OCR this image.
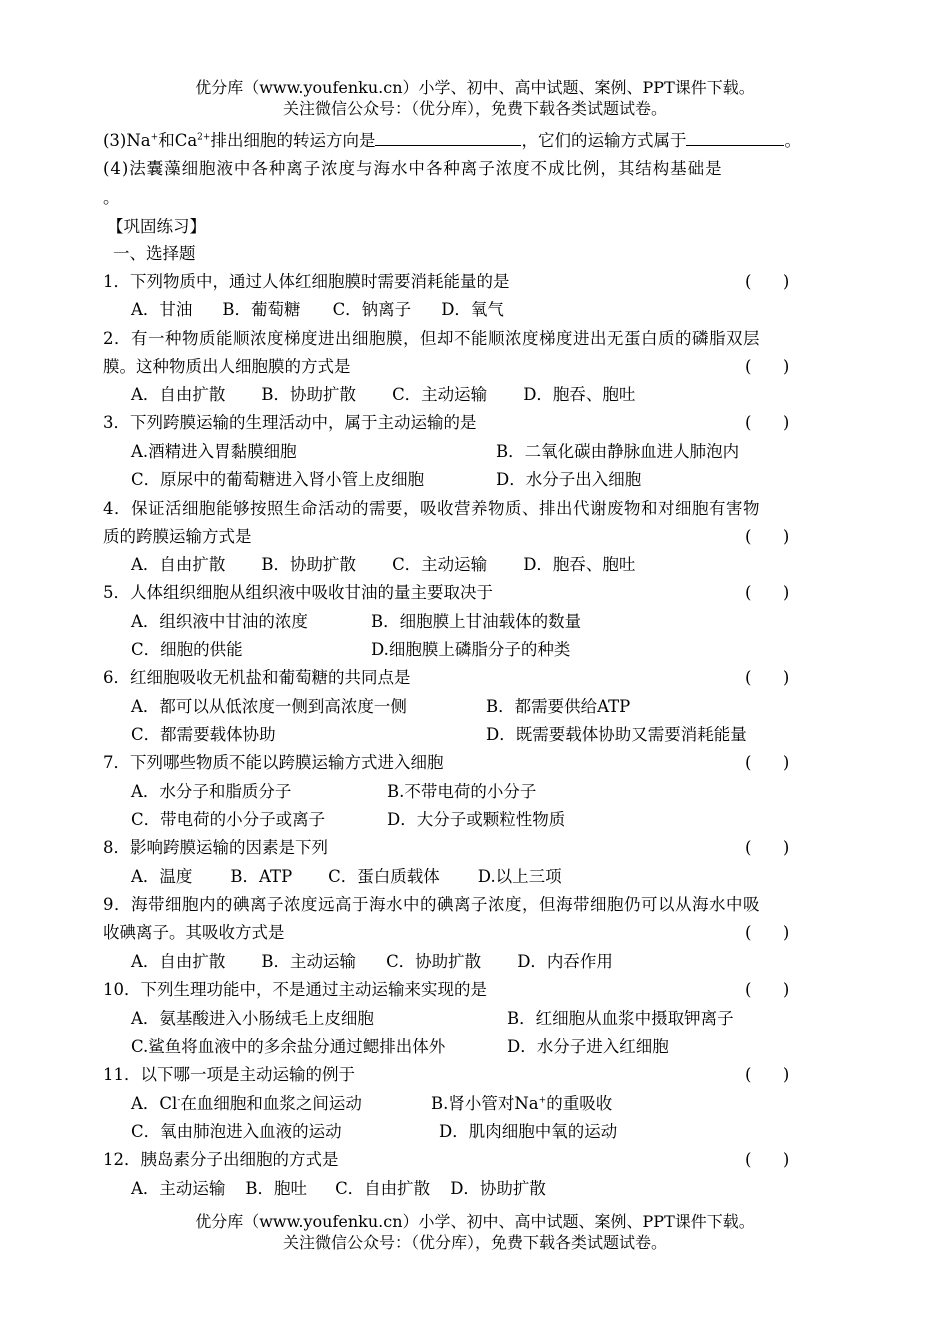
优分库（www.youfenku.cn）小学、初中、高中试题、案例、PPT课件下载。
关注微信公众号：（优分库），免费下载各类试题试卷。
(3)Na+和$Ca^{2+}$排出细胞的转运方向是	，它们的运输方式属于	。
(4)法囊藻细胞液中各种离子浓度与海水中各种离子浓度不成比例，其结构基础是
。
【巩固练习】
一、选择题
1．下列物质中，通过人体红细胞膜时需要消耗能量的是	(      )
A．甘油 B．葡萄糖 C．钠离子 D．氧气
2．有一种物质能顺浓度梯度进出细胞膜，但却不能顺浓度梯度进出无蛋白质的磷脂双层
膜。这种物质出人细胞膜的方式是	(      )
A．自由扩散 B．协助扩散 C．主动运输 D．胞吞、胞吐
3．下列跨膜运输的生理活动中，属于主动运输的是	(      )
A.酒精进入胃黏膜细胞	B．二氧化碳由静脉血进人肺泡内
C．原尿中的葡萄糖进入肾小管上皮细胞	D．水分子出入细胞
4．保证活细胞能够按照生命活动的需要，吸收营养物质、排出代谢废物和对细胞有害物
质的跨膜运输方式是	(      )
A．自由扩散 B．协助扩散 C．主动运输 D．胞吞、胞吐
5．人体组织细胞从组织液中吸收甘油的量主要取决于	(      )
A．组织液中甘油的浓度	B．细胞膜上甘油载体的数量
C．细胞的供能	D.细胞膜上磷脂分子的种类
6．红细胞吸收无机盐和葡萄糖的共同点是	(      )
A．都可以从低浓度一侧到高浓度一侧	B．都需要供给ATP
C．都需要载体协助	D．既需要载体协助又需要消耗能量
7．下列哪些物质不能以跨膜运输方式进入细胞	(      )
A．水分子和脂质分子	B.不带电荷的小分子
C．带电荷的小分子或离子	D．大分子或颗粒性物质
8．影响跨膜运输的因素是下列	(      )
A．温度 B．ATP C．蛋白质载体 D.以上三项
9．海带细胞内的碘离子浓度远高于海水中的碘离子浓度，但海带细胞仍可以从海水中吸
收碘离子。其吸收方式是	(      )
A．自由扩散 B．主动运输 C．协助扩散 D．内吞作用
10．下列生理功能中，不是通过主动运输来实现的是	(      )
A．氨基酸进入小肠绒毛上皮细胞	B．红细胞从血浆中摄取钾离子
C.鲨鱼将血液中的多余盐分通过鳃排出体外	D．水分子进入红细胞
11．以下哪一项是主动运输的例于	(      )
A．Cl-在血细胞和血浆之间运动	B.肾小管对Na+的重吸收
C．氧由肺泡进入血液的运动	D．肌肉细胞中氧的运动
12．胰岛素分子出细胞的方式是	(      )
A．主动运输 B．胞吐 C．自由扩散 D．协助扩散
优分库（www.youfenku.cn）小学、初中、高中试题、案例、PPT课件下载。
关注微信公众号：（优分库），免费下载各类试题试卷。
